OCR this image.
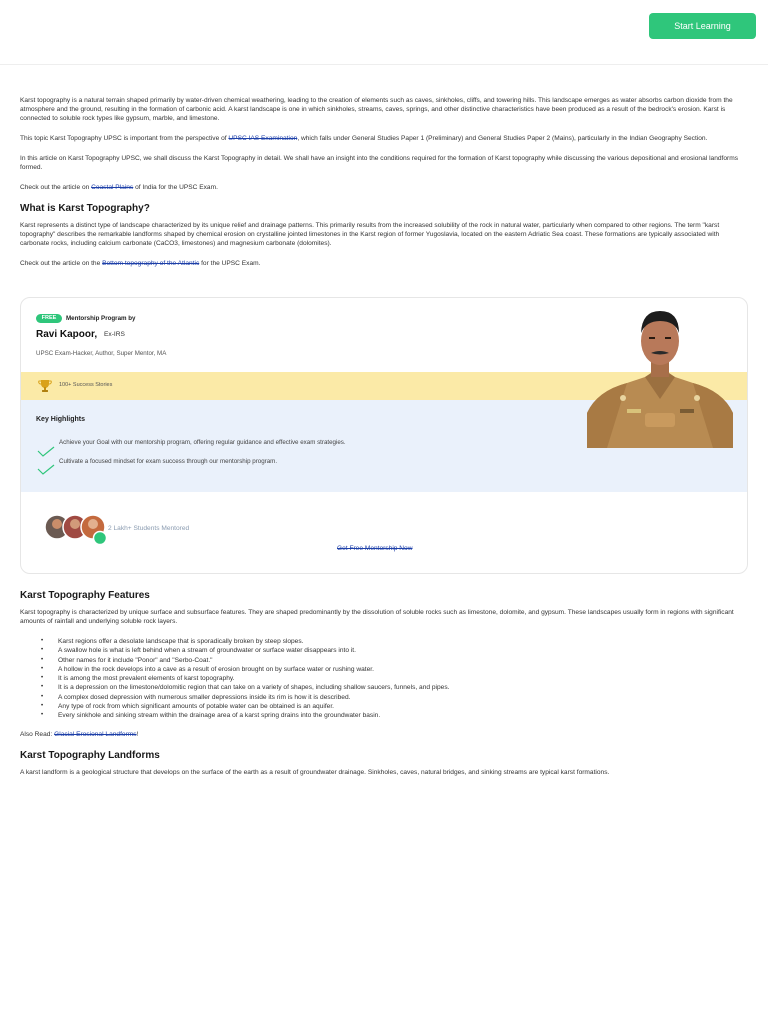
Start Learning

Karst topography is a natural terrain shaped primarily by water-driven chemical weathering, leading to the creation of elements such as caves, sinkholes, cliffs, and towering hills. This landscape emerges as water absorbs carbon dioxide from the atmosphere and the ground, resulting in the formation of carbonic acid. A karst landscape is one in which sinkholes, streams, caves, springs, and other distinctive characteristics have been produced as a result of the bedrock's erosion. Karst is connected to soluble rock types like gypsum, marble, and limestone.

This topic Karst Topography UPSC is important from the perspective of UPSC IAS Examination, which falls under General Studies Paper 1 (Preliminary) and General Studies Paper 2 (Mains), particularly in the Indian Geography Section.

In this article on Karst Topography UPSC, we shall discuss the Karst Topography in detail. We shall have an insight into the conditions required for the formation of Karst topography while discussing the various depositional and erosional landforms formed.

Check out the article on Coastal Plains of India for the UPSC Exam.

What is Karst Topography?

Karst represents a distinct type of landscape characterized by its unique relief and drainage patterns. This primarily results from the increased solubility of the rock in natural water, particularly when compared to other regions. The term "karst topography" describes the remarkable landforms shaped by chemical erosion on crystalline jointed limestones in the Karst region of former Yugoslavia, located on the eastern Adriatic Sea coast. These formations are typically associated with carbonate rocks, including calcium carbonate (CaCO3, limestones) and magnesium carbonate (dolomites).

Check out the article on the Bottom topography of the Atlantic for the UPSC Exam.

FREE	Mentorship Program by
Ravi Kapoor, Ex-IRS
UPSC Exam-Hacker, Author, Super Mentor, MA
100+ Success Stories
Key Highlights
Achieve your Goal with our mentorship program, offering regular guidance and effective exam strategies.
Cultivate a focused mindset for exam success through our mentorship program.
2 Lakh+ Students Mentored
Get Free Mentorship Now
Karst Topography Features

Karst topography is characterized by unique surface and subsurface features. They are shaped predominantly by the dissolution of soluble rocks such as limestone, dolomite, and gypsum. These landscapes usually form in regions with significant amounts of rainfall and underlying soluble rock layers.

• Karst regions offer a desolate landscape that is sporadically broken by steep slopes.
• A swallow hole is what is left behind when a stream of groundwater or surface water disappears into it.
• Other names for it include "Ponor" and "Serbo-Coat."
• A hollow in the rock develops into a cave as a result of erosion brought on by surface water or rushing water.
• It is among the most prevalent elements of karst topography.
• It is a depression on the limestone/dolomitic region that can take on a variety of shapes, including shallow saucers, funnels, and pipes.
• A complex dosed depression with numerous smaller depressions inside its rim is how it is described.
• Any type of rock from which significant amounts of potable water can be obtained is an aquifer.
• Every sinkhole and sinking stream within the drainage area of a karst spring drains into the groundwater basin.

Also Read: Glacial Erosional Landforms!

Karst Topography Landforms

A karst landform is a geological structure that develops on the surface of the earth as a result of groundwater drainage. Sinkholes, caves, natural bridges, and sinking streams are typical karst formations.
